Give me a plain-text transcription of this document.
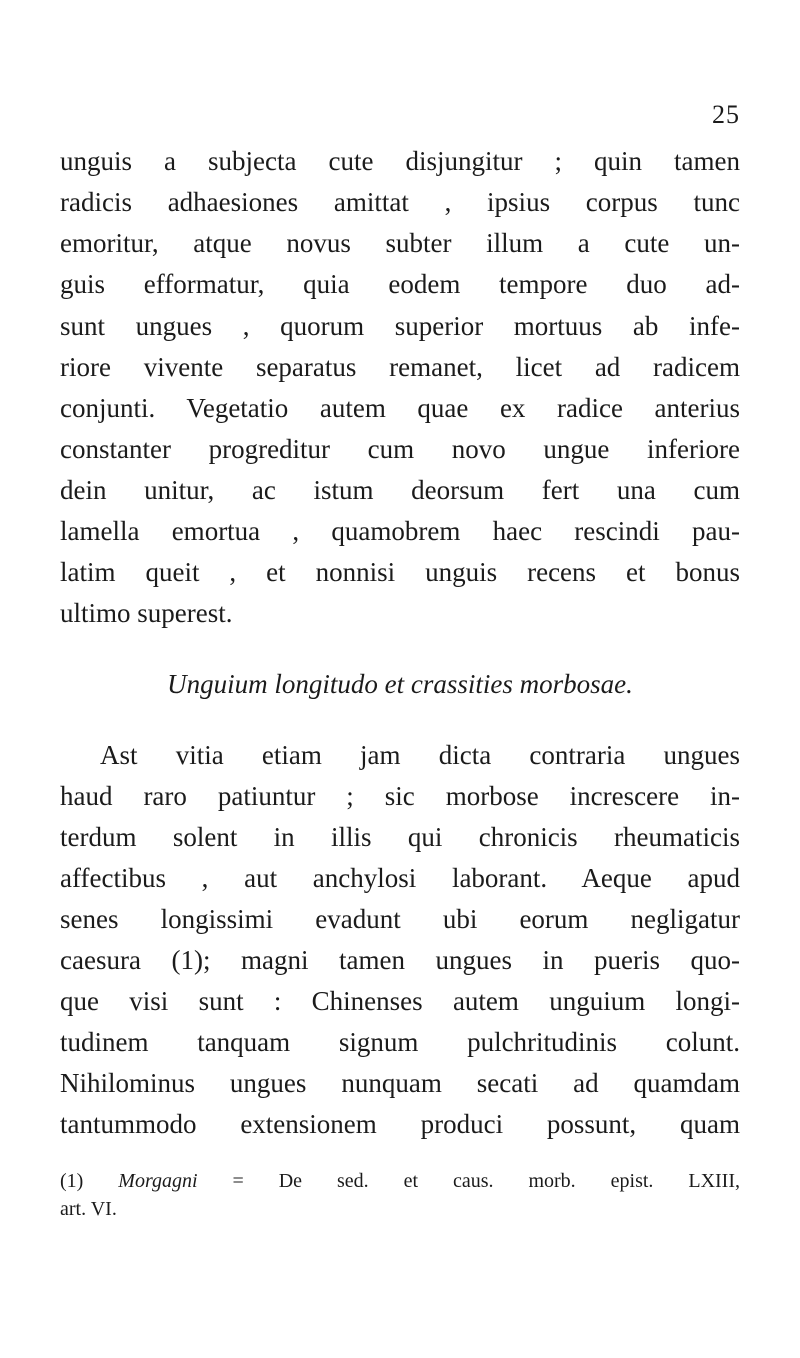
25
unguis a subjecta cute disjungitur ; quin tamen
radicis adhaesiones amittat , ipsius corpus tunc
emoritur, atque novus subter illum a cute un-
guis efformatur, quia eodem tempore duo ad-
sunt ungues , quorum superior mortuus ab infe-
riore vivente separatus remanet, licet ad radicem
conjunti. Vegetatio autem quae ex radice anterius
constanter progreditur cum novo ungue inferiore
dein unitur, ac istum deorsum fert una cum
lamella emortua , quamobrem haec rescindi pau-
latim queit , et nonnisi unguis recens et bonus
ultimo superest.
Unguium longitudo et crassities morbosae.
Ast vitia etiam jam dicta contraria ungues
haud raro patiuntur ; sic morbose increscere in-
terdum solent in illis qui chronicis rheumaticis
affectibus , aut anchylosi laborant. Aeque apud
senes longissimi evadunt ubi eorum negligatur
caesura (1); magni tamen ungues in pueris quo-
que visi sunt : Chinenses autem unguium longi-
tudinem tanquam signum pulchritudinis colunt.
Nihilominus ungues nunquam secati ad quamdam
tantummodo extensionem produci possunt, quam
(1) Morgagni = De sed. et caus. morb. epist. LXIII,
art. VI.
